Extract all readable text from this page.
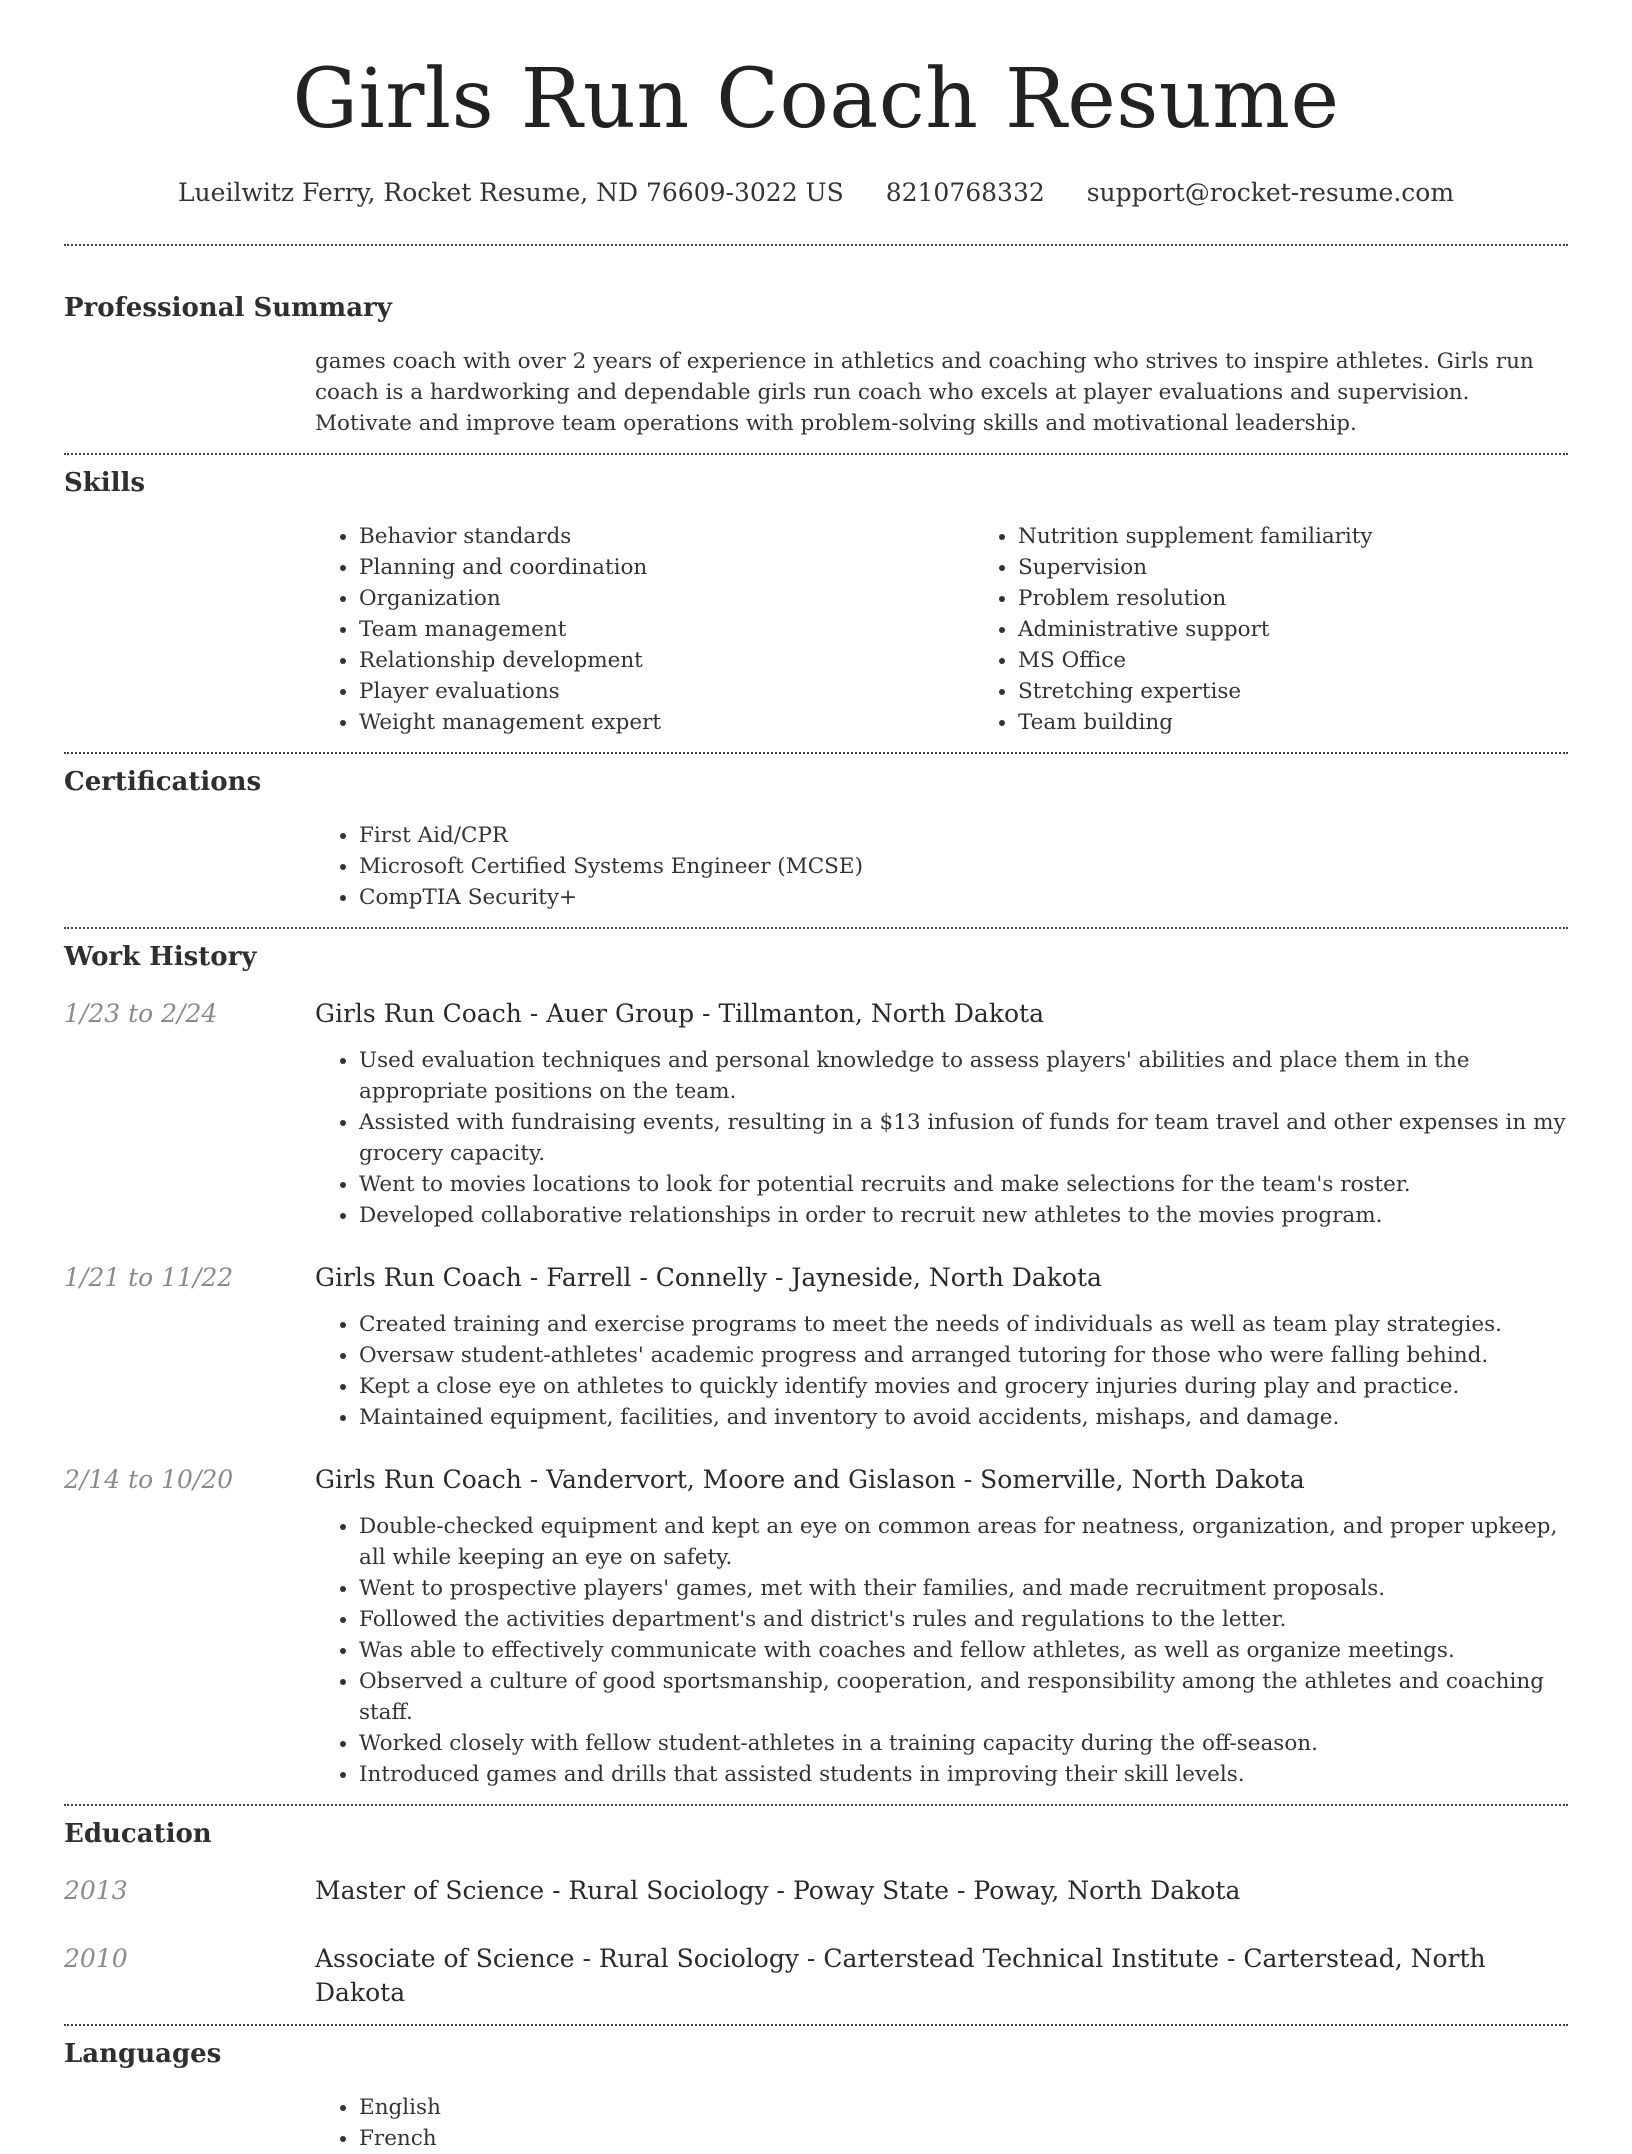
Girls Run Coach Resume
Lueilwitz Ferry, Rocket Resume, ND 76609-3022 US 8210768332 support@rocket-resume.com
Professional Summary

games coach with over 2 years of experience in athletics and coaching who strives to inspire athletes. Girls run coach is a hardworking and dependable girls run coach who excels at player evaluations and supervision. Motivate and improve team operations with problem-solving skills and motivational leadership.

Skills
• Behavior standards
• Planning and coordination
• Organization
• Team management
• Relationship development
• Player evaluations
• Weight management expert
• Nutrition supplement familiarity
• Supervision
• Problem resolution
• Administrative support
• MS Office
• Stretching expertise
• Team building
Certifications
• First Aid/CPR
• Microsoft Certified Systems Engineer (MCSE)
• CompTIA Security+
Work History
1/23 to 2/24	Girls Run Coach - Auer Group - Tillmanton, North Dakota
• Used evaluation techniques and personal knowledge to assess players' abilities and place them in the appropriate positions on the team.
• Assisted with fundraising events, resulting in a $13 infusion of funds for team travel and other expenses in my grocery capacity.
• Went to movies locations to look for potential recruits and make selections for the team's roster.
• Developed collaborative relationships in order to recruit new athletes to the movies program.
1/21 to 11/22	Girls Run Coach - Farrell - Connelly - Jayneside, North Dakota
• Created training and exercise programs to meet the needs of individuals as well as team play strategies.
• Oversaw student-athletes' academic progress and arranged tutoring for those who were falling behind.
• Kept a close eye on athletes to quickly identify movies and grocery injuries during play and practice.
• Maintained equipment, facilities, and inventory to avoid accidents, mishaps, and damage.
2/14 to 10/20	Girls Run Coach - Vandervort, Moore and Gislason - Somerville, North Dakota
• Double-checked equipment and kept an eye on common areas for neatness, organization, and proper upkeep, all while keeping an eye on safety.
• Went to prospective players' games, met with their families, and made recruitment proposals.
• Followed the activities department's and district's rules and regulations to the letter.
• Was able to effectively communicate with coaches and fellow athletes, as well as organize meetings.
• Observed a culture of good sportsmanship, cooperation, and responsibility among the athletes and coaching staff.
• Worked closely with fellow student-athletes in a training capacity during the off-season.
• Introduced games and drills that assisted students in improving their skill levels.
Education
2013	Master of Science - Rural Sociology - Poway State - Poway, North Dakota
2010	Associate of Science - Rural Sociology - Carterstead Technical Institute - Carterstead, North Dakota
Languages
• English
• French
